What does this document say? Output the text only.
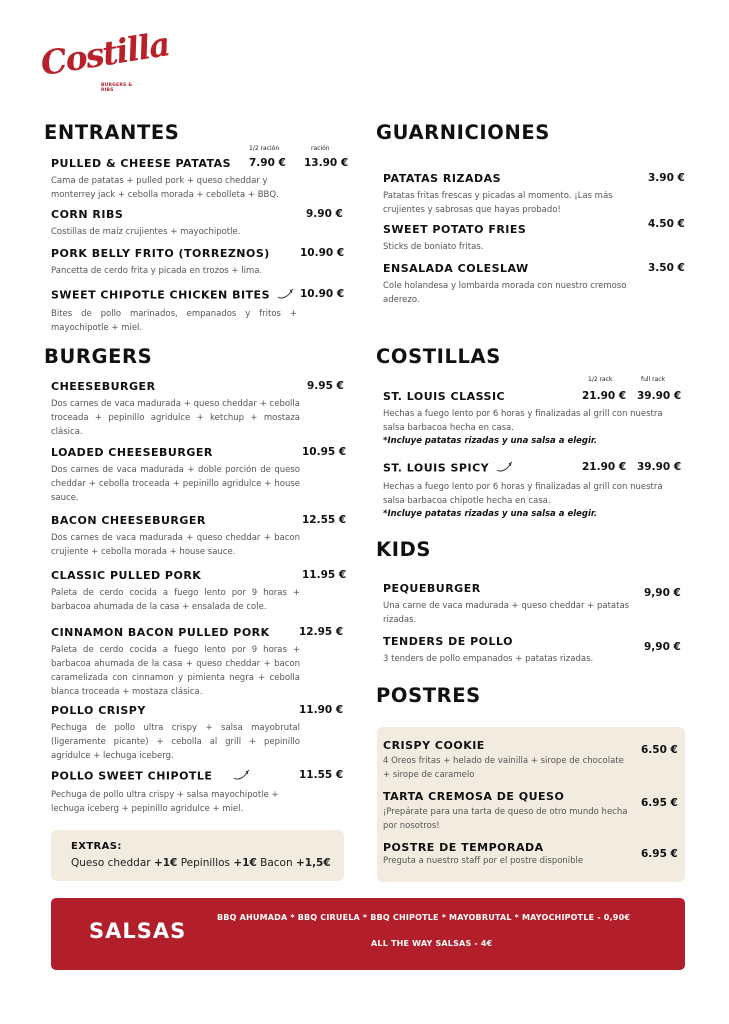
Costilla
BURGERS & RIBS
ENTRANTES
1/2 ración	ración
PULLED & CHEESE PATATAS
Cama de patatas + pulled pork + queso cheddar y monterrey jack + cebolla morada + cebolleta + BBQ.
7.90 € 13.90 €
CORN RIBS
Costillas de maíz crujientes + mayochipotle.
9.90 €
PORK BELLY FRITO (TORREZNOS)
Pancetta de cerdo frita y picada en trozos + lima.
10.90 €
SWEET CHIPOTLE CHICKEN BITES
Bites de pollo marinados, empanados y fritos + mayochipotle + miel.
10.90 €
BURGERS
CHEESEBURGER
Dos carnes de vaca madurada + queso cheddar + cebolla troceada + pepinillo agridulce + ketchup + mostaza clásica.
9.95 €
LOADED CHEESEBURGER
Dos carnes de vaca madurada + doble porción de queso cheddar + cebolla troceada + pepinillo agridulce + house sauce.
10.95 €
BACON CHEESEBURGER
Dos carnes de vaca madurada + queso cheddar + bacon crujiente + cebolla morada + house sauce.
12.55 €
CLASSIC PULLED PORK
Paleta de cerdo cocida a fuego lento por 9 horas + barbacoa ahumada de la casa + ensalada de cole.
11.95 €
CINNAMON BACON PULLED PORK
Paleta de cerdo cocida a fuego lento por 9 horas + barbacoa ahumada de la casa + queso cheddar + bacon caramelizada con cinnamon y pimienta negra + cebolla blanca troceada + mostaza clásica.
12.95 €
POLLO CRISPY
Pechuga de pollo ultra crispy + salsa mayobrutal (ligeramente picante) + cebolla al grill + pepinillo agridulce + lechuga iceberg.
11.90 €
POLLO SWEET CHIPOTLE
Pechuga de pollo ultra crispy + salsa mayochipotle + lechuga iceberg + pepinillo agridulce + miel.
11.55 €
EXTRAS:
Queso cheddar +1€ Pepinillos +1€ Bacon +1,5€
GUARNICIONES
PATATAS RIZADAS
Patatas fritas frescas y picadas al momento. ¡Las más crujientes y sabrosas que hayas probado!
3.90 €
SWEET POTATO FRIES
Sticks de boniato fritas.
4.50 €
ENSALADA COLESLAW
Cole holandesa y lombarda morada con nuestro cremoso aderezo.
3.50 €
COSTILLAS
1/2 rack	full rack
ST. LOUIS CLASSIC
Hechas a fuego lento por 6 horas y finalizadas al grill con nuestra salsa barbacoa hecha en casa.
*Incluye patatas rizadas y una salsa a elegir.
21.90 € 39.90 €
ST. LOUIS SPICY
Hechas a fuego lento por 6 horas y finalizadas al grill con nuestra salsa barbacoa chipotle hecha en casa.
*Incluye patatas rizadas y una salsa a elegir.
21.90 € 39.90 €
KIDS
PEQUEBURGER
Una carne de vaca madurada + queso cheddar + patatas rizadas.
9,90 €
TENDERS DE POLLO
3 tenders de pollo empanados + patatas rizadas.
9,90 €
POSTRES
CRISPY COOKIE
4 Oreos fritas + helado de vainilla + sirope de chocolate + sirope de caramelo
6.50 €
TARTA CREMOSA DE QUESO
¡Prepárate para una tarta de queso de otro mundo hecha por nosotros!
6.95 €
POSTRE DE TEMPORADA
Preguta a nuestro staff por el postre disponible
6.95 €
SALSAS
BBQ AHUMADA * BBQ CIRUELA * BBQ CHIPOTLE * MAYOBRUTAL * MAYOCHIPOTLE - 0,90€
ALL THE WAY SALSAS - 4€
